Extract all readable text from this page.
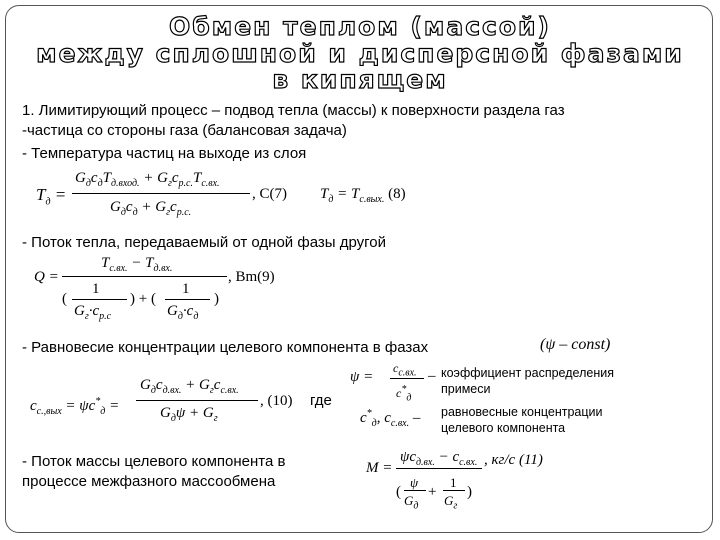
Обмен теплом (массой)
между сплошной и дисперсной фазами
в кипящем
1. Лимитирующий процесс – подвод тепла (массы) к поверхности раздела газ
-частица со стороны газа (балансовая задача)
- Температура частиц на выходе из слоя
$T_д$ =
$G_дc_дT_{д.вход.} + G_гc_{р.с.}T_{с.вх.}$
$G_дc_д + G_гc_{р.с.}$
, C(7) $T_д = T_{с.вых.}$ (8)
- Поток тепла, передаваемый от одной фазы другой
Q =
$T_{с.вх.} - T_{д.вх.}$
(
1
$G_г\cdot c_{р.с}$
) + (
1
$G_д\cdot c_д$
)
, Bm(9)
- Равновесие концентрации целевого компонента в фазах	(ψ – const)
$c_{с.,вых} = \psi c^*_д$ =
$G_дc_{д.вх.} + G_гc_{с.вх.}$
$G_д\psi + G_г$
, (10) где
ψ =
$c_{с.вх.}$
$c^*_д$
– коэффициент распределения
примеси
$c^*_д$, $c_{с.вх.}$ – равновесные концентрации
целевого компонента
- Поток массы целевого компонента в
процессе межфазного массообмена
M =
$\psi c_{д.вх.} - c_{с.вх.}$
(
ψ
$G_д$
+
1
$G_г$
)
, кг/с (11)
